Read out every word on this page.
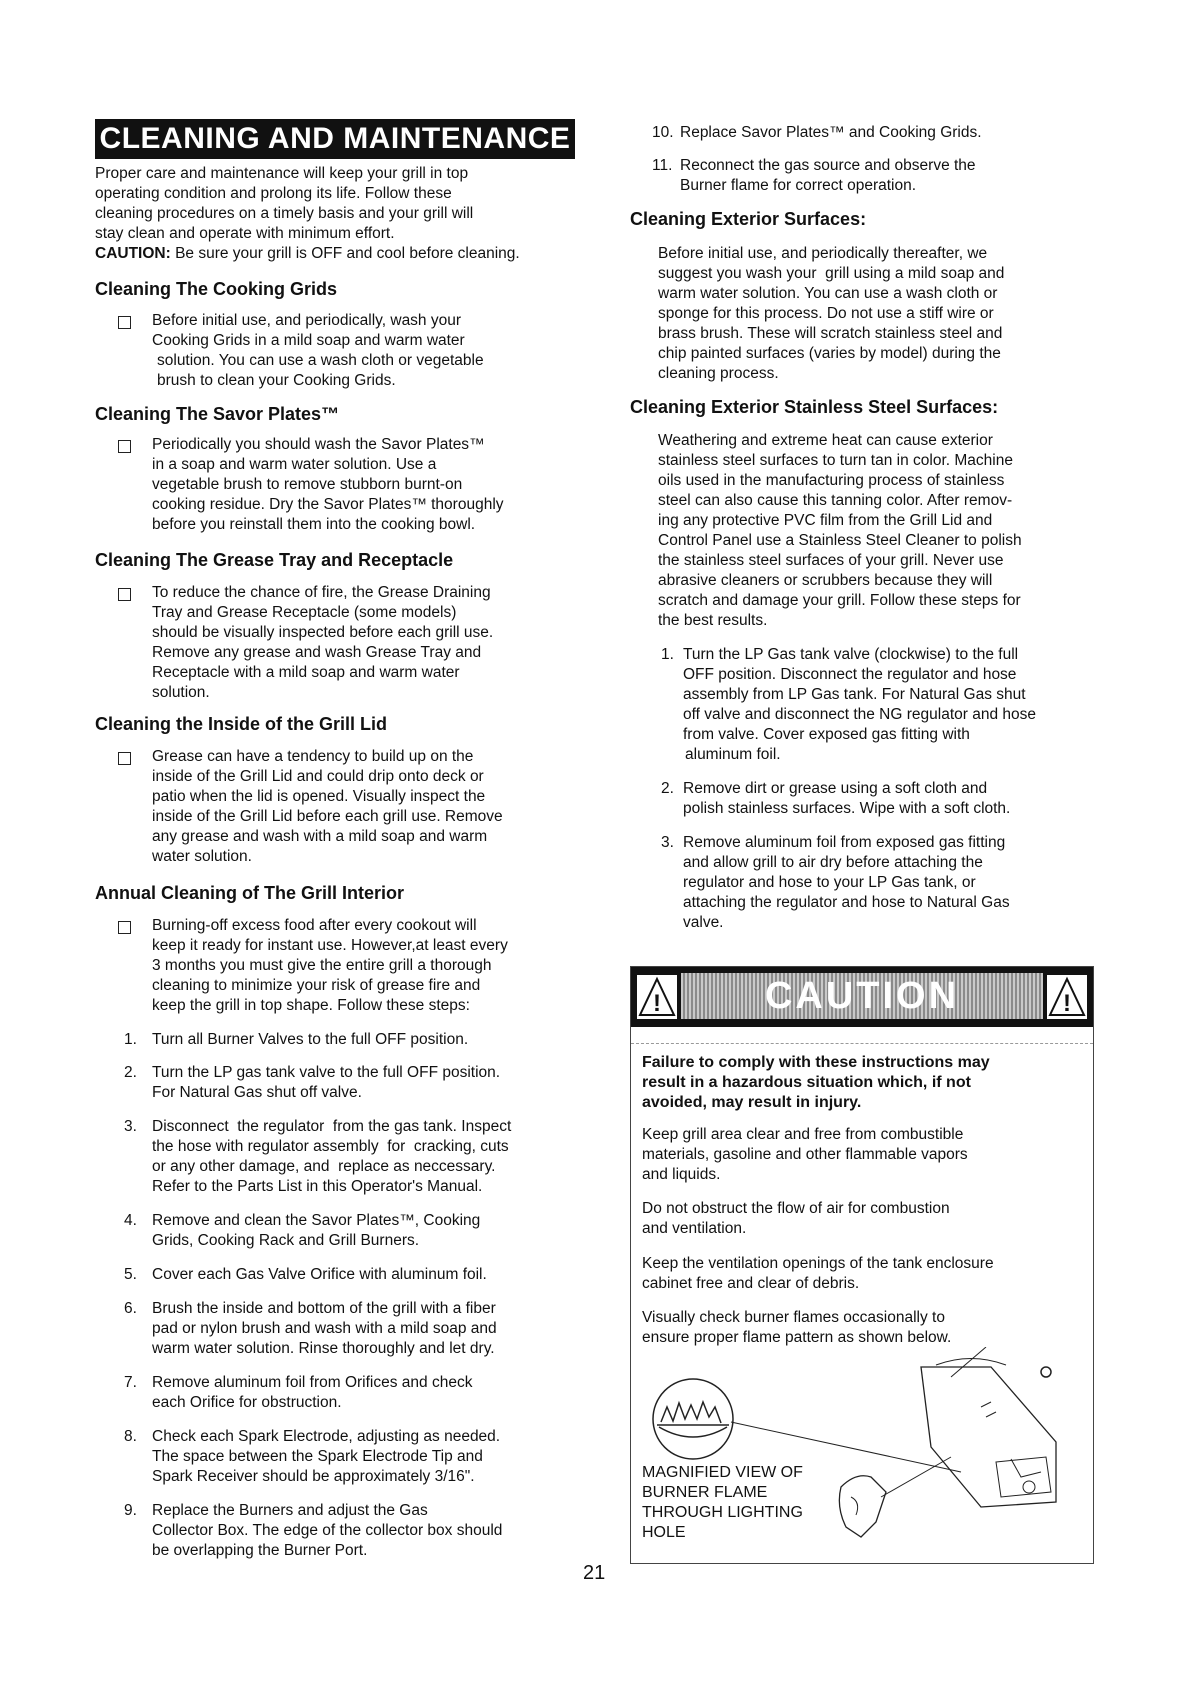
CLEANING AND MAINTENANCE
Proper care and maintenance will keep your grill in top
operating condition and prolong its life. Follow these
cleaning procedures on a timely basis and your grill will
stay clean and operate with minimum effort.
CAUTION: Be sure your grill is OFF and cool before cleaning.
Cleaning The Cooking Grids
Before initial use, and periodically, wash your
Cooking Grids in a mild soap and warm water
solution. You can use a wash cloth or vegetable
brush to clean your Cooking Grids.
Cleaning The Savor Plates™
Periodically you should wash the Savor Plates™
in a soap and warm water solution. Use a
vegetable brush to remove stubborn burnt-on
cooking residue. Dry the Savor Plates™ thoroughly
before you reinstall them into the cooking bowl.
Cleaning The Grease Tray and Receptacle
To reduce the chance of fire, the Grease Draining
Tray and Grease Receptacle (some models)
should be visually inspected before each grill use.
Remove any grease and wash Grease Tray and
Receptacle with a mild soap and warm water
solution.
Cleaning the Inside of the Grill Lid
Grease can have a tendency to build up on the
inside of the Grill Lid and could drip onto deck or
patio when the lid is opened. Visually inspect the
inside of the Grill Lid before each grill use. Remove
any grease and wash with a mild soap and warm
water solution.
Annual Cleaning of The Grill Interior
Burning-off excess food after every cookout will
keep it ready for instant use. However,at least every
3 months you must give the entire grill a thorough
cleaning to minimize your risk of grease fire and
keep the grill in top shape. Follow these steps:
1. Turn all Burner Valves to the full OFF position.
2. Turn the LP gas tank valve to the full OFF position.
For Natural Gas shut off valve.
3. Disconnect  the regulator  from the gas tank. Inspect
the hose with regulator assembly  for  cracking, cuts
or any other damage, and  replace as neccessary.
Refer to the Parts List in this Operator's Manual.
4. Remove and clean the Savor Plates™, Cooking
Grids, Cooking Rack and Grill Burners.
5. Cover each Gas Valve Orifice with aluminum foil.
6. Brush the inside and bottom of the grill with a fiber
pad or nylon brush and wash with a mild soap and
warm water solution. Rinse thoroughly and let dry.
7. Remove aluminum foil from Orifices and check
each Orifice for obstruction.
8. Check each Spark Electrode, adjusting as needed.
The space between the Spark Electrode Tip and
Spark Receiver should be approximately 3/16".
9. Replace the Burners and adjust the Gas
Collector Box. The edge of the collector box should
be overlapping the Burner Port.
10. Replace Savor Plates™ and Cooking Grids.
11. Reconnect the gas source and observe the
Burner flame for correct operation.
Cleaning Exterior Surfaces:
Before initial use, and periodically thereafter, we
suggest you wash your  grill using a mild soap and
warm water solution. You can use a wash cloth or
sponge for this process. Do not use a stiff wire or
brass brush. These will scratch stainless steel and
chip painted surfaces (varies by model) during the
cleaning process.
Cleaning Exterior Stainless Steel Surfaces:
Weathering and extreme heat can cause exterior
stainless steel surfaces to turn tan in color. Machine
oils used in the manufacturing process of stainless
steel can also cause this tanning color. After remov-
ing any protective PVC film from the Grill Lid and
Control Panel use a Stainless Steel Cleaner to polish
the stainless steel surfaces of your grill. Never use
abrasive cleaners or scrubbers because they will
scratch and damage your grill. Follow these steps for
the best results.
1. Turn the LP Gas tank valve (clockwise) to the full
OFF position. Disconnect the regulator and hose
assembly from LP Gas tank. For Natural Gas shut
off valve and disconnect the NG regulator and hose
from valve. Cover exposed gas fitting with
aluminum foil.
2. Remove dirt or grease using a soft cloth and
polish stainless surfaces. Wipe with a soft cloth.
3. Remove aluminum foil from exposed gas fitting
and allow grill to air dry before attaching the
regulator and hose to your LP Gas tank, or
attaching the regulator and hose to Natural Gas
valve.
!	CAUTION	!
Failure to comply with these instructions may
result in a hazardous situation which, if not
avoided, may result in injury.
Keep grill area clear and free from combustible
materials, gasoline and other flammable vapors
and liquids.
Do not obstruct the flow of air for combustion
and ventilation.
Keep the ventilation openings of the tank enclosure
cabinet free and clear of debris.
Visually check burner flames occasionally to
ensure proper flame pattern as shown below.
MAGNIFIED VIEW OF
BURNER FLAME
THROUGH LIGHTING
HOLE
21
